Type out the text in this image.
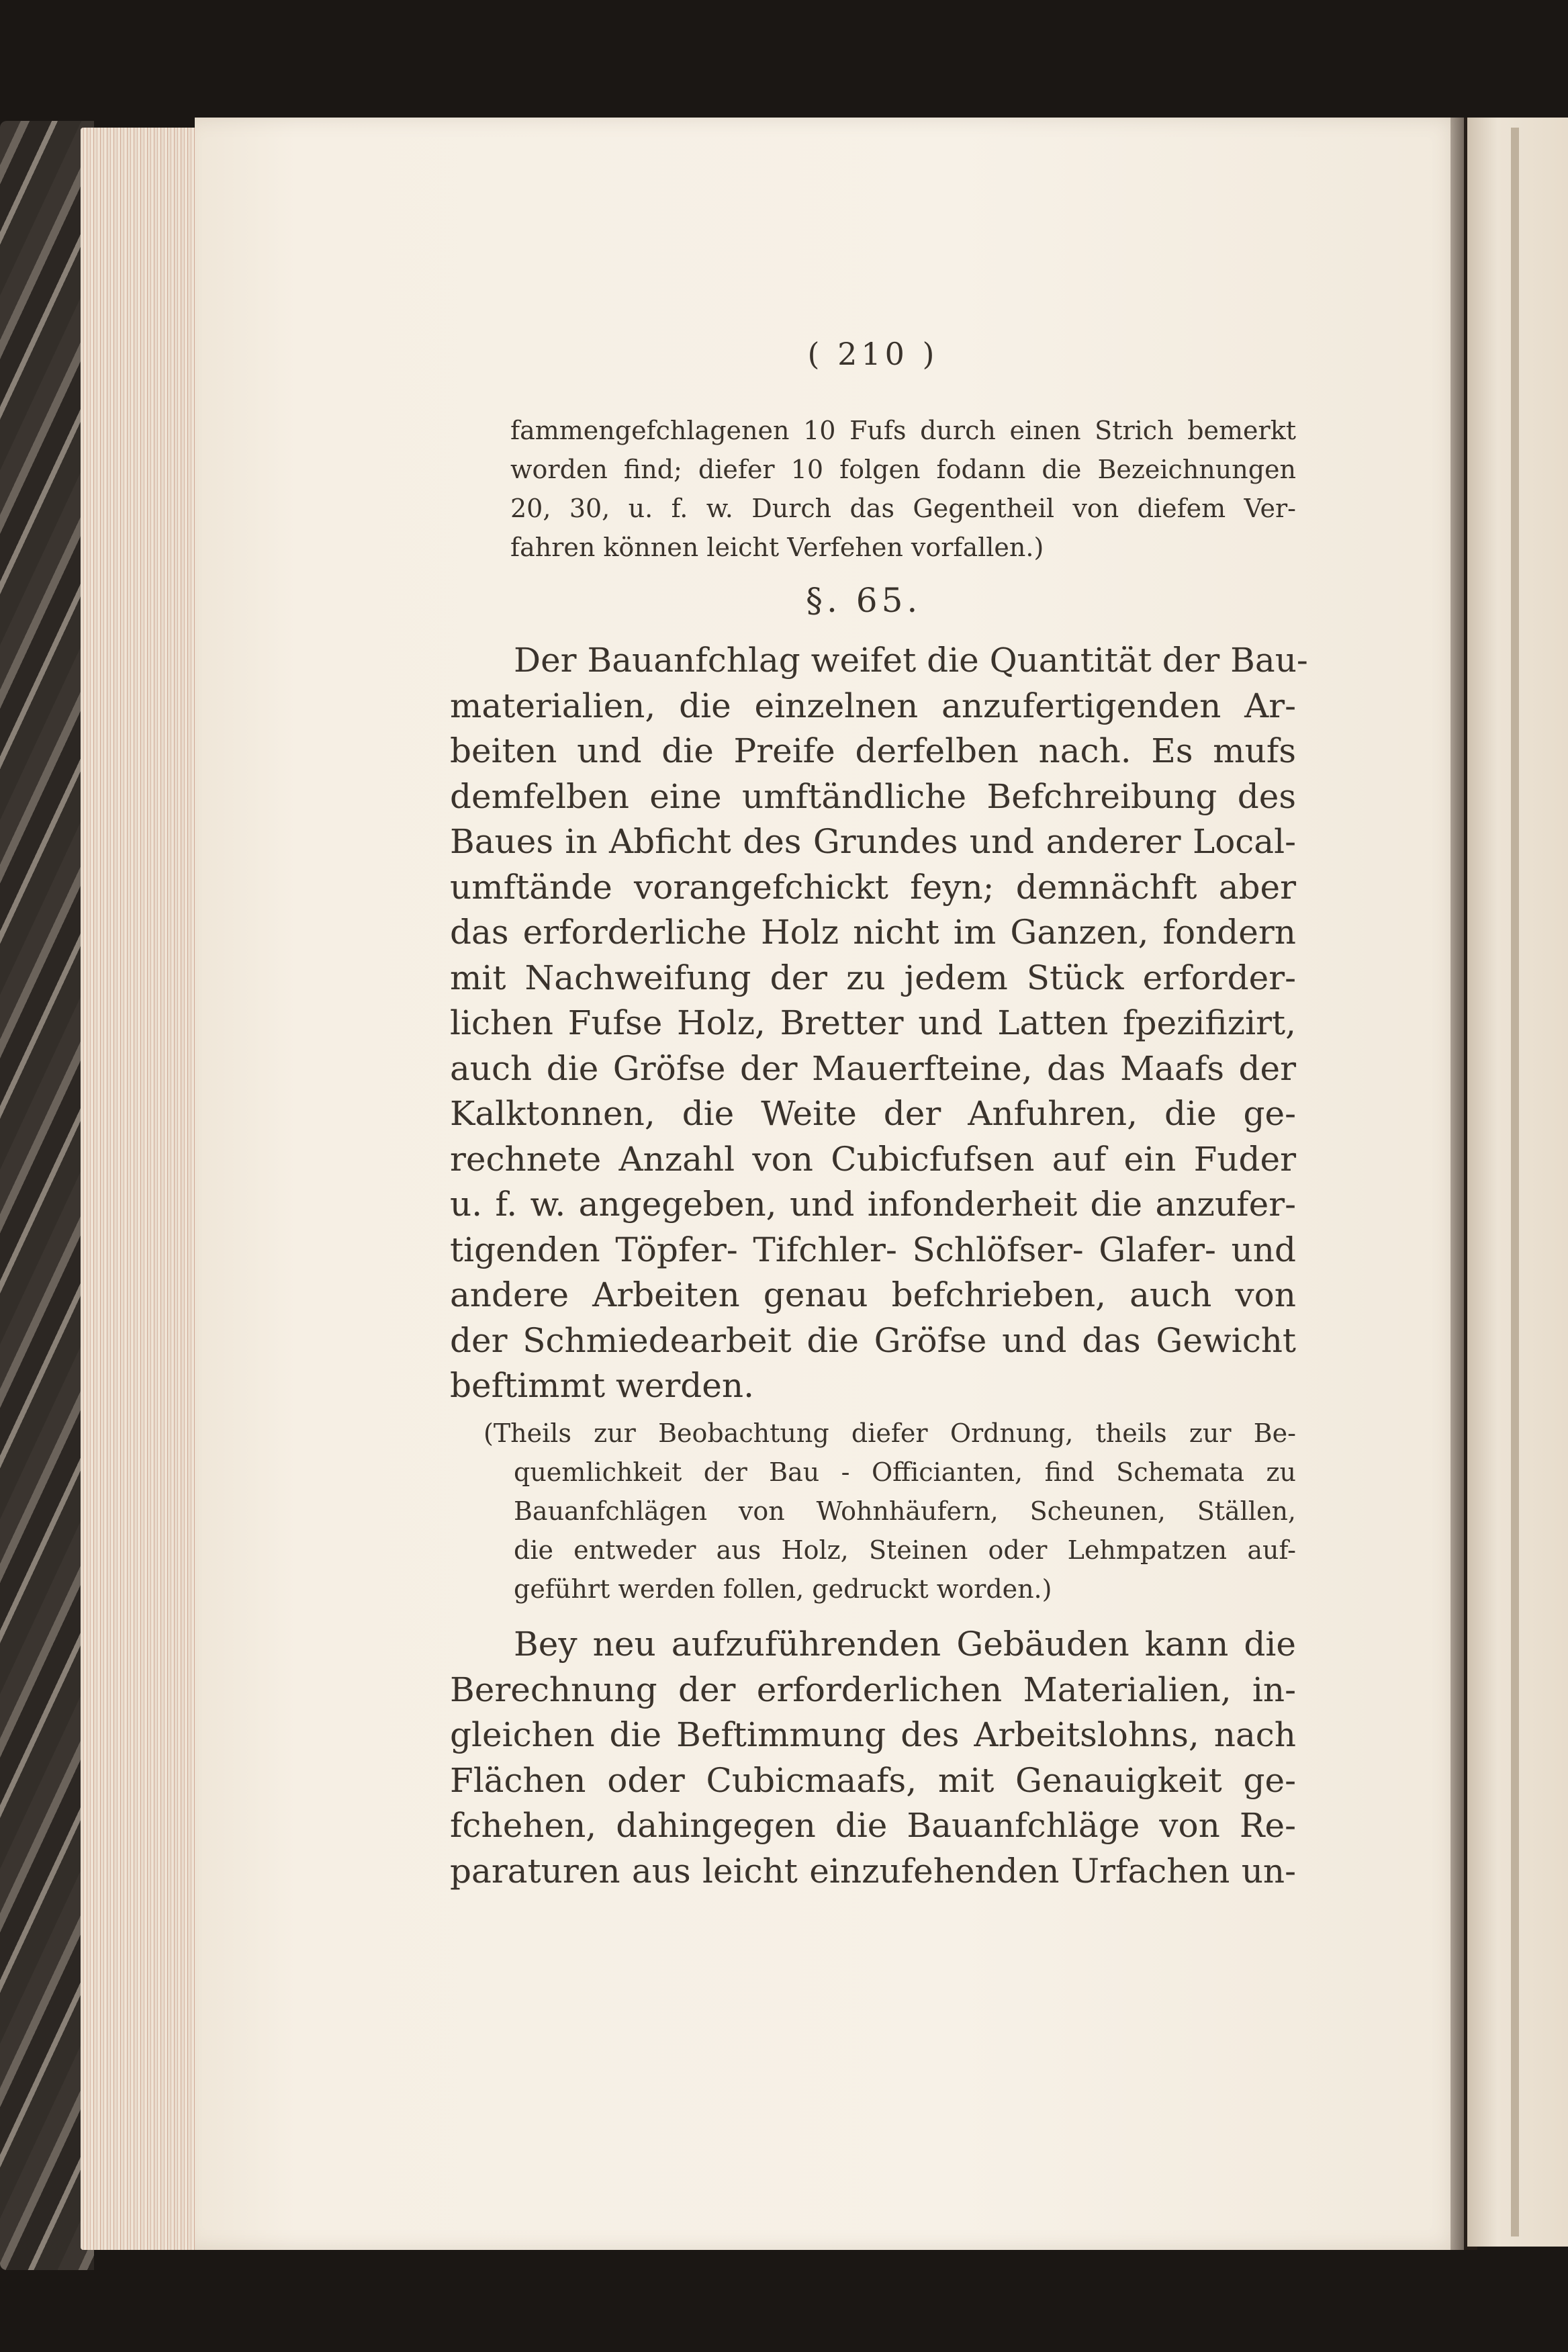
( 210 )
fammengefchlagenen 10 Fufs durch einen Strich bemerkt
worden find; diefer 10 folgen fodann die Bezeichnungen
20, 30, u. f. w. Durch das Gegentheil von diefem Ver-
fahren können leicht Verfehen vorfallen.)
§. 65.
Der Bauanfchlag weifet die Quantität der Bau-
materialien, die einzelnen anzufertigenden Ar-
beiten und die Preife derfelben nach. Es mufs
demfelben eine umftändliche Befchreibung des
Baues in Abficht des Grundes und anderer Local-
umftände vorangefchickt feyn; demnächft aber
das erforderliche Holz nicht im Ganzen, fondern
mit Nachweifung der zu jedem Stück erforder-
lichen Fufse Holz, Bretter und Latten fpezifizirt,
auch die Gröfse der Mauerfteine, das Maafs der
Kalktonnen, die Weite der Anfuhren, die ge-
rechnete Anzahl von Cubicfufsen auf ein Fuder
u. f. w. angegeben, und infonderheit die anzufer-
tigenden Töpfer- Tifchler- Schlöfser- Glafer- und
andere Arbeiten genau befchrieben, auch von
der Schmiedearbeit die Gröfse und das Gewicht
beftimmt werden.
(Theils zur Beobachtung diefer Ordnung, theils zur Be-
quemlichkeit der Bau - Officianten, find Schemata zu
Bauanfchlägen von Wohnhäufern, Scheunen, Ställen,
die entweder aus Holz, Steinen oder Lehmpatzen auf-
geführt werden follen, gedruckt worden.)
Bey neu aufzuführenden Gebäuden kann die
Berechnung der erforderlichen Materialien, in-
gleichen die Beftimmung des Arbeitslohns, nach
Flächen oder Cubicmaafs, mit Genauigkeit ge-
fchehen, dahingegen die Bauanfchläge von Re-
paraturen aus leicht einzufehenden Urfachen un-
